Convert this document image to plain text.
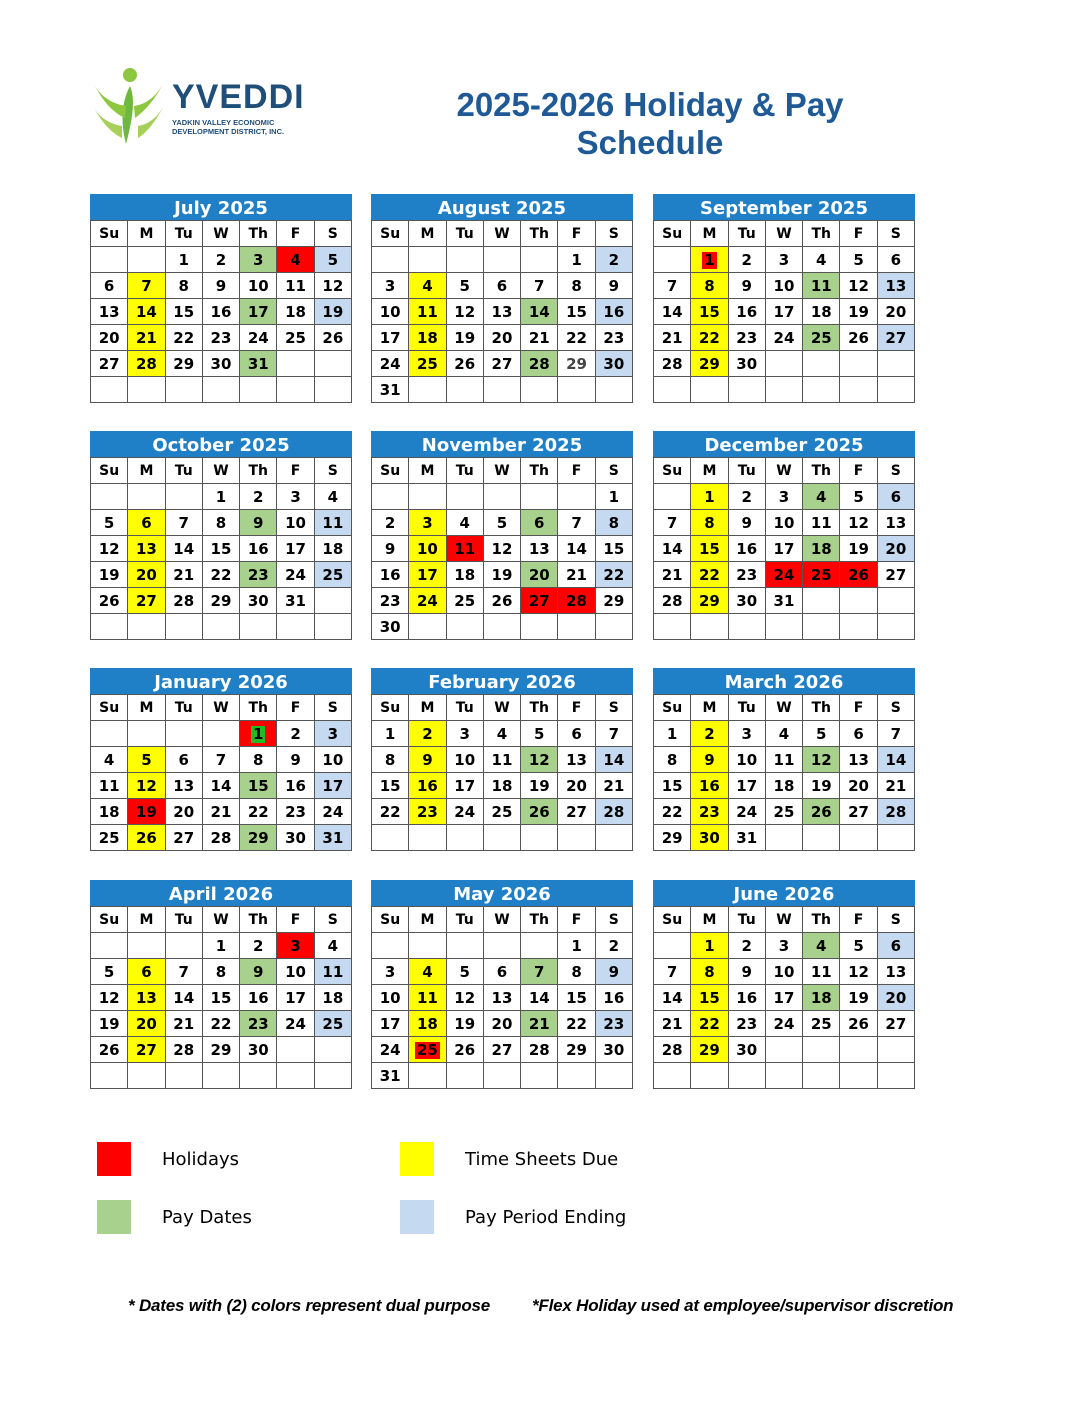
YVEDDI
YADKIN VALLEY ECONOMIC
DEVELOPMENT DISTRICT, INC.
2025-2026 Holiday & Pay Schedule
July 2025
Su	M	Tu	W	Th	F	S
		1	2	3	4	5
6	7	8	9	10	11	12
13	14	15	16	17	18	19
20	21	22	23	24	25	26
27	28	29	30	31		

August 2025
Su	M	Tu	W	Th	F	S
					1	2
3	4	5	6	7	8	9
10	11	12	13	14	15	16
17	18	19	20	21	22	23
24	25	26	27	28	29	30
31						
September 2025
Su	M	Tu	W	Th	F	S
	1	2	3	4	5	6
7	8	9	10	11	12	13
14	15	16	17	18	19	20
21	22	23	24	25	26	27
28	29	30				

October 2025
Su	M	Tu	W	Th	F	S
			1	2	3	4
5	6	7	8	9	10	11
12	13	14	15	16	17	18
19	20	21	22	23	24	25
26	27	28	29	30	31	

November 2025
Su	M	Tu	W	Th	F	S
						1
2	3	4	5	6	7	8
9	10	11	12	13	14	15
16	17	18	19	20	21	22
23	24	25	26	27	28	29
30						
December 2025
Su	M	Tu	W	Th	F	S
	1	2	3	4	5	6
7	8	9	10	11	12	13
14	15	16	17	18	19	20
21	22	23	24	25	26	27
28	29	30	31			

January 2026
Su	M	Tu	W	Th	F	S
				1	2	3
4	5	6	7	8	9	10
11	12	13	14	15	16	17
18	19	20	21	22	23	24
25	26	27	28	29	30	31
February 2026
Su	M	Tu	W	Th	F	S
1	2	3	4	5	6	7
8	9	10	11	12	13	14
15	16	17	18	19	20	21
22	23	24	25	26	27	28

March 2026
Su	M	Tu	W	Th	F	S
1	2	3	4	5	6	7
8	9	10	11	12	13	14
15	16	17	18	19	20	21
22	23	24	25	26	27	28
29	30	31				
April 2026
Su	M	Tu	W	Th	F	S
			1	2	3	4
5	6	7	8	9	10	11
12	13	14	15	16	17	18
19	20	21	22	23	24	25
26	27	28	29	30		

May 2026
Su	M	Tu	W	Th	F	S
					1	2
3	4	5	6	7	8	9
10	11	12	13	14	15	16
17	18	19	20	21	22	23
24	25	26	27	28	29	30
31						
June 2026
Su	M	Tu	W	Th	F	S
	1	2	3	4	5	6
7	8	9	10	11	12	13
14	15	16	17	18	19	20
21	22	23	24	25	26	27
28	29	30				

Holidays	Time Sheets Due
Pay Dates	Pay Period Ending
* Dates with (2) colors represent dual purpose *Flex Holiday used at employee/supervisor discretion
